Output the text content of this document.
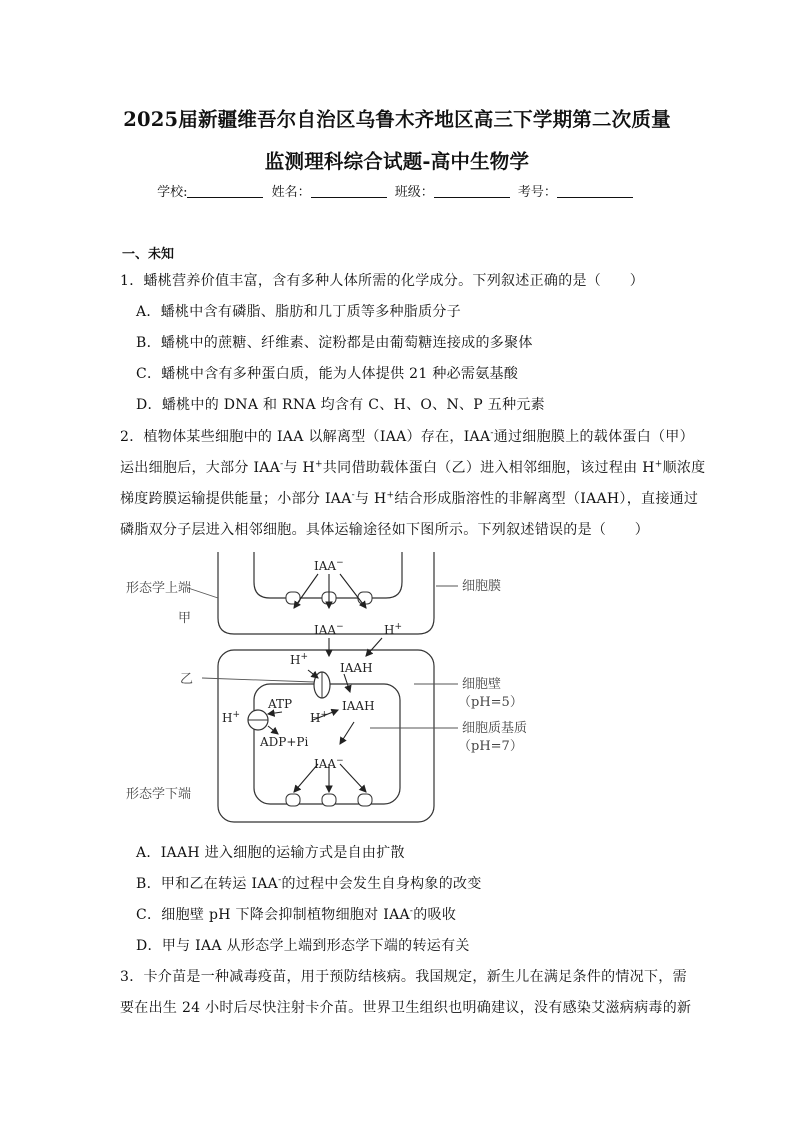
2025届新疆维吾尔自治区乌鲁木齐地区高三下学期第二次质量
监测理科综合试题-高中生物学
学校:	姓名：	班级：	考号：
一、未知
1．蟠桃营养价值丰富，含有多种人体所需的化学成分。下列叙述正确的是（　　）
A．蟠桃中含有磷脂、脂肪和几丁质等多种脂质分子
B．蟠桃中的蔗糖、纤维素、淀粉都是由葡萄糖连接成的多聚体
C．蟠桃中含有多种蛋白质，能为人体提供 21 种必需氨基酸
D．蟠桃中的 DNA 和 RNA 均含有 C、H、O、N、P 五种元素
2．植物体某些细胞中的 IAA 以解离型（IAA）存在，IAA-通过细胞膜上的载体蛋白（甲）
运出细胞后，大部分 IAA-与 H+共同借助载体蛋白（乙）进入相邻细胞，该过程由 H+顺浓度
梯度跨膜运输提供能量；小部分 IAA-与 H+结合形成脂溶性的非解离型（IAAH），直接通过
磷脂双分子层进入相邻细胞。具体运输途径如下图所示。下列叙述错误的是（　　）
形态学上端
甲
乙
形态学下端
细胞膜
细胞壁
（pH=5）
细胞质基质
（pH=7）
IAA−
IAA−	H+
H+
IAAH
ATP
H+
ADP+Pi
H+
IAAH
IAA−
A．IAAH 进入细胞的运输方式是自由扩散
B．甲和乙在转运 IAA-的过程中会发生自身构象的改变
C．细胞壁 pH 下降会抑制植物细胞对 IAA-的吸收
D．甲与 IAA 从形态学上端到形态学下端的转运有关
3．卡介苗是一种减毒疫苗，用于预防结核病。我国规定，新生儿在满足条件的情况下，需
要在出生 24 小时后尽快注射卡介苗。世界卫生组织也明确建议，没有感染艾滋病病毒的新
